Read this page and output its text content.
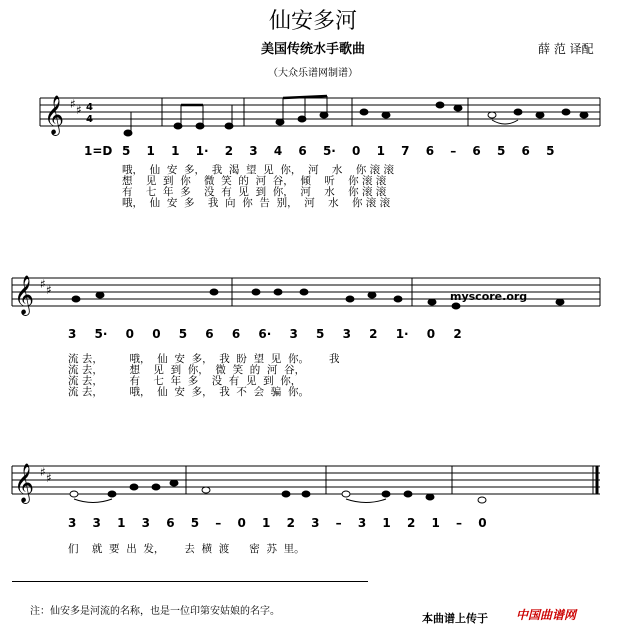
仙安多河
美国传统水手歌曲	薛 范 译配
（大众乐谱网制谱）
𝄞 ♯ ♯ 4
4
1=D 5 1 1 1· 2 3 4 6 5· 0 1 7 6 – 6 5 6 5
哦，  仙  安  多，  我  渴  望  见  你，  河    水    你 滚 滚
想    见  到  你    微  笑  的  河  谷，  倾    听    你 滚 滚
有    七  年  多    没  有  见  到  你，  河    水    你 滚 滚
哦，  仙  安  多    我  向  你  告  别，  河    水    你 滚 滚
𝄞 ♯ ♯	myscore.org
3 5· 0 0 5 6 6 6· 3 5 3 2 1· 0 2
流 去，        哦，  仙  安  多，  我  盼  望  见  你。      我
流 去，        想    见  到  你，  微  笑  的  河  谷，
流 去，        有    七  年  多    没  有  见  到  你，
流 去，        哦，  仙  安  多，  我  不  会  骗  你。
𝄞 ♯ ♯
3 3 1 3 6 5 – 0 1 2 3 – 3 1 2 1 – 0
们    就  要  出  发，      去  横  渡      密  苏  里。
注：仙安多是河流的名称，也是一位印第安姑娘的名字。
本曲谱上传于 中国曲谱网
